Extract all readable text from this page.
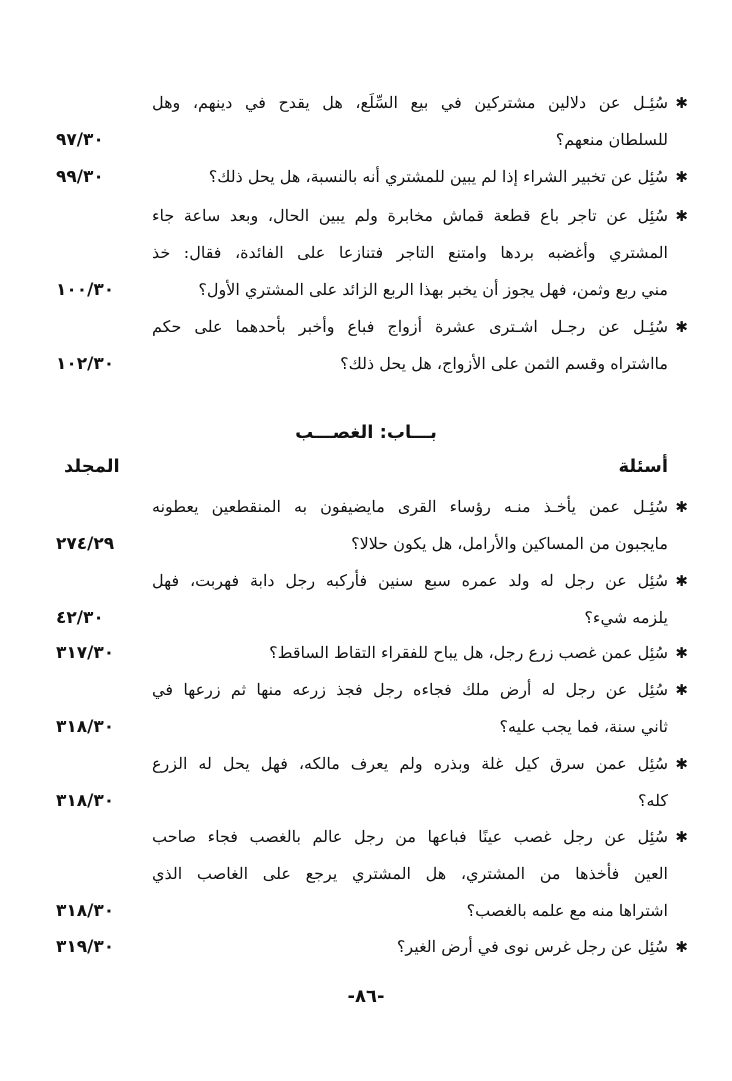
✱
سُئِـل عن دلالين مشتركين في بيع السِّلَع، هل يقدح في دينهم، وهل
للسلطان منعهم؟
٩٧/٣٠
✱
سُئِل عن تخبير الشراء إذا لم يبين للمشتري أنه بالنسبة، هل يحل ذلك؟
٩٩/٣٠
✱
سُئِل عن تاجر باع قطعة قماش مخابرة ولم يبين الحال، وبعد ساعة جاء
المشتري وأغضبه بردها وامتنع التاجر فتنازعا على الفائدة، فقال: خذ
مني ربع وثمن، فهل يجوز أن يخبر بهذا الربع الزائد على المشتري الأول؟
١٠٠/٣٠
✱
سُئِـل عن رجـل اشـترى عشرة أزواج فباع وأخبر بأحدهما على حكم
مااشتراه وقسم الثمن على الأزواج، هل يحل ذلك؟
١٠٢/٣٠
بـــاب: الغصـــب
أسئلة
المجلد
✱
سُئِـل عمن يأخـذ منـه رؤساء القرى مايضيفون به المنقطعين يعطونه
مايجبون من المساكين والأرامل، هل يكون حلالا؟
٢٧٤/٢٩
✱
سُئِل عن رجل له ولد عمره سبع سنين فأركبه رجل دابة فهربت، فهل
يلزمه شيء؟
٤٢/٣٠
✱
سُئِل عمن غصب زرع رجل، هل يباح للفقراء التقاط الساقط؟
٣١٧/٣٠
✱
سُئِل عن رجل له أرض ملك فجاءه رجل فجذ زرعه منها ثم زرعها في
ثاني سنة، فما يجب عليه؟
٣١٨/٣٠
✱
سُئِل عمن سرق كيل غلة وبذره ولم يعرف مالكه، فهل يحل له الزرع
كله؟
٣١٨/٣٠
✱
سُئِل عن رجل غصب عينًا فباعها من رجل عالم بالغصب فجاء صاحب
العين فأخذها من المشتري، هل المشتري يرجع على الغاصب الذي
اشتراها منه مع علمه بالغصب؟
٣١٨/٣٠
✱
سُئِل عن رجل غرس نوى في أرض الغير؟
٣١٩/٣٠
-٨٦-
